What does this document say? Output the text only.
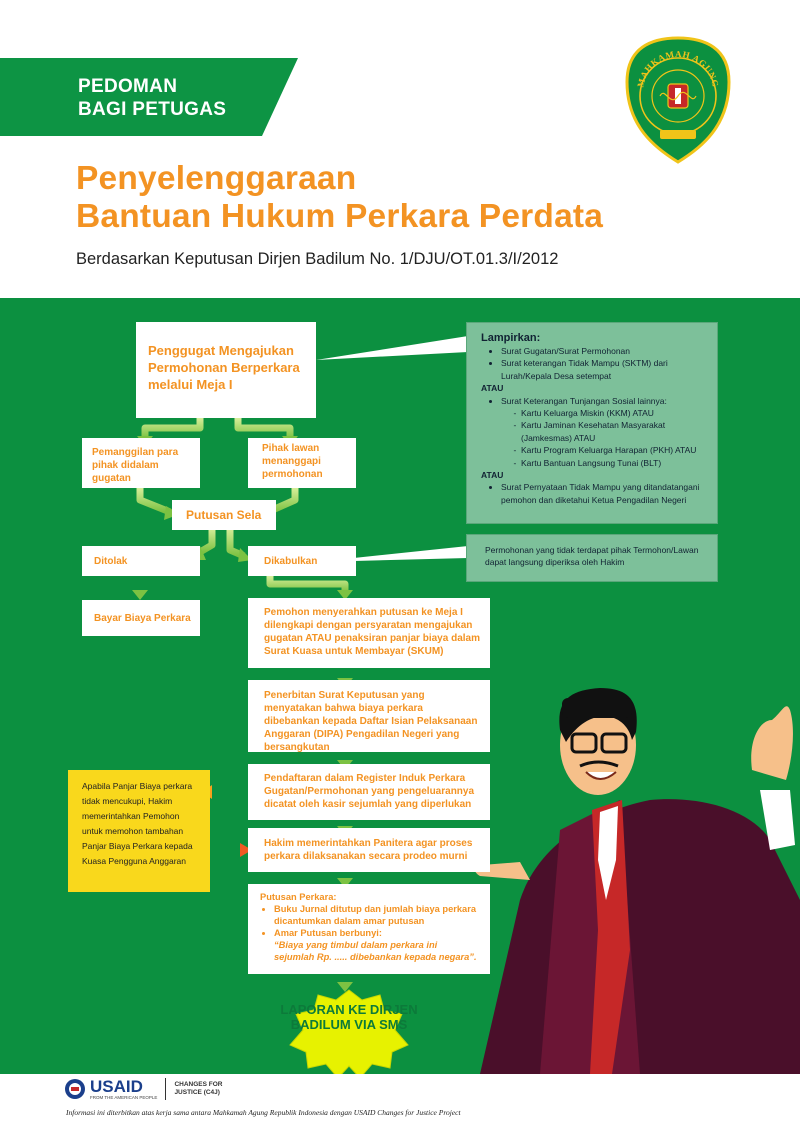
PEDOMAN
BAGI PETUGAS
MAHKAMAH AGUNG
Penyelenggaraan
Bantuan Hukum Perkara Perdata
Berdasarkan Keputusan Dirjen Badilum No. 1/DJU/OT.01.3/I/2012
Penggugat Mengajukan Permohonan Berperkara melalui Meja I
Pemanggilan para pihak didalam gugatan
Pihak lawan menanggapi permohonan
Putusan Sela
Ditolak	Dikabulkan
Bayar Biaya Perkara
Pemohon menyerahkan putusan ke Meja I dilengkapi dengan persyaratan mengajukan gugatan ATAU penaksiran panjar biaya dalam Surat Kuasa untuk Membayar (SKUM)
Penerbitan Surat Keputusan yang menyatakan bahwa biaya perkara dibebankan kepada Daftar Isian Pelaksanaan Anggaran (DIPA) Pengadilan Negeri yang bersangkutan
Pendaftaran dalam Register Induk Perkara Gugatan/Permohonan yang pengeluarannya dicatat oleh kasir sejumlah yang diperlukan
Hakim memerintahkan Panitera agar proses perkara dilaksanakan secara prodeo murni
Putusan Perkara:
• Buku Jurnal ditutup dan jumlah biaya perkara dicantumkan dalam amar putusan
• Amar Putusan berbunyi:
“Biaya yang timbul dalam perkara ini sejumlah Rp. ..... dibebankan kepada negara”.
LAPORAN KE DIRJEN BADILUM VIA SMS
Lampirkan:
• Surat Gugatan/Surat Permohonan
• Surat keterangan Tidak Mampu (SKTM) dari Lurah/Kepala Desa setempat
ATAU
• Surat Keterangan Tunjangan Sosial lainnya:
- Kartu Keluarga Miskin (KKM) ATAU
- Kartu Jaminan Kesehatan Masyarakat (Jamkesmas) ATAU
- Kartu Program Keluarga Harapan (PKH) ATAU
- Kartu Bantuan Langsung Tunai (BLT)
ATAU
• Surat Pernyataan Tidak Mampu yang ditandatangani pemohon dan diketahui Ketua Pengadilan Negeri
Permohonan yang tidak terdapat pihak Termohon/Lawan dapat langsung diperiksa oleh Hakim
Apabila Panjar Biaya perkara tidak mencukupi, Hakim memerintahkan Pemohon untuk memohon tambahan Panjar Biaya Perkara kepada Kuasa Pengguna Anggaran
USAID
FROM THE AMERICAN PEOPLE
CHANGES FOR JUSTICE (C4J)
Informasi ini diterbitkan atas kerja sama antara Mahkamah Agung Republik Indonesia dengan USAID Changes for Justice Project
